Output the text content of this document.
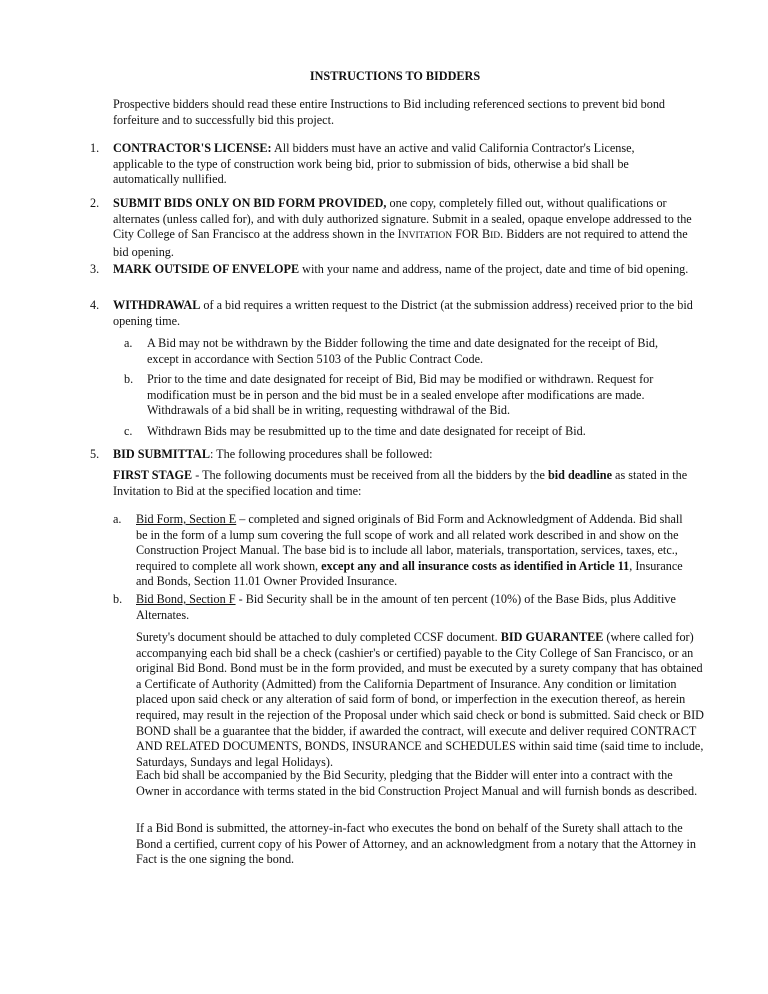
INSTRUCTIONS TO BIDDERS

Prospective bidders should read these entire Instructions to Bid including referenced sections to prevent bid bond forfeiture and to successfully bid this project.

1. CONTRACTOR'S LICENSE: All bidders must have an active and valid California Contractor's License, applicable to the type of construction work being bid, prior to submission of bids, otherwise a bid shall be automatically nullified.

2. SUBMIT BIDS ONLY ON BID FORM PROVIDED, one copy, completely filled out, without qualifications or alternates (unless called for), and with duly authorized signature. Submit in a sealed, opaque envelope addressed to the City College of San Francisco at the address shown in the INVITATION FOR BID. Bidders are not required to attend the bid opening.

3. MARK OUTSIDE OF ENVELOPE with your name and address, name of the project, date and time of bid opening.

4. WITHDRAWAL of a bid requires a written request to the District (at the submission address) received prior to the bid opening time.

a. A Bid may not be withdrawn by the Bidder following the time and date designated for the receipt of Bid, except in accordance with Section 5103 of the Public Contract Code.

b. Prior to the time and date designated for receipt of Bid, Bid may be modified or withdrawn. Request for modification must be in person and the bid must be in a sealed envelope after modifications are made. Withdrawals of a bid shall be in writing, requesting withdrawal of the Bid.

c. Withdrawn Bids may be resubmitted up to the time and date designated for receipt of Bid.

5. BID SUBMITTAL: The following procedures shall be followed:

FIRST STAGE - The following documents must be received from all the bidders by the bid deadline as stated in the Invitation to Bid at the specified location and time:

a. Bid Form, Section E – completed and signed originals of Bid Form and Acknowledgment of Addenda. Bid shall be in the form of a lump sum covering the full scope of work and all related work described in and show on the Construction Project Manual. The base bid is to include all labor, materials, transportation, services, taxes, etc., required to complete all work shown, except any and all insurance costs as identified in Article 11, Insurance and Bonds, Section 11.01 Owner Provided Insurance.

b. Bid Bond, Section F - Bid Security shall be in the amount of ten percent (10%) of the Base Bids, plus Additive Alternates.

Surety's document should be attached to duly completed CCSF document. BID GUARANTEE (where called for) accompanying each bid shall be a check (cashier's or certified) payable to the City College of San Francisco, or an original Bid Bond. Bond must be in the form provided, and must be executed by a surety company that has obtained a Certificate of Authority (Admitted) from the California Department of Insurance. Any condition or limitation placed upon said check or any alteration of said form of bond, or imperfection in the execution thereof, as herein required, may result in the rejection of the Proposal under which said check or bond is submitted. Said check or BID BOND shall be a guarantee that the bidder, if awarded the contract, will execute and deliver required CONTRACT AND RELATED DOCUMENTS, BONDS, INSURANCE and SCHEDULES within said time (said time to include, Saturdays, Sundays and legal Holidays).

Each bid shall be accompanied by the Bid Security, pledging that the Bidder will enter into a contract with the Owner in accordance with terms stated in the bid Construction Project Manual and will furnish bonds as described.

If a Bid Bond is submitted, the attorney-in-fact who executes the bond on behalf of the Surety shall attach to the Bond a certified, current copy of his Power of Attorney, and an acknowledgment from a notary that the Attorney in Fact is the one signing the bond.
